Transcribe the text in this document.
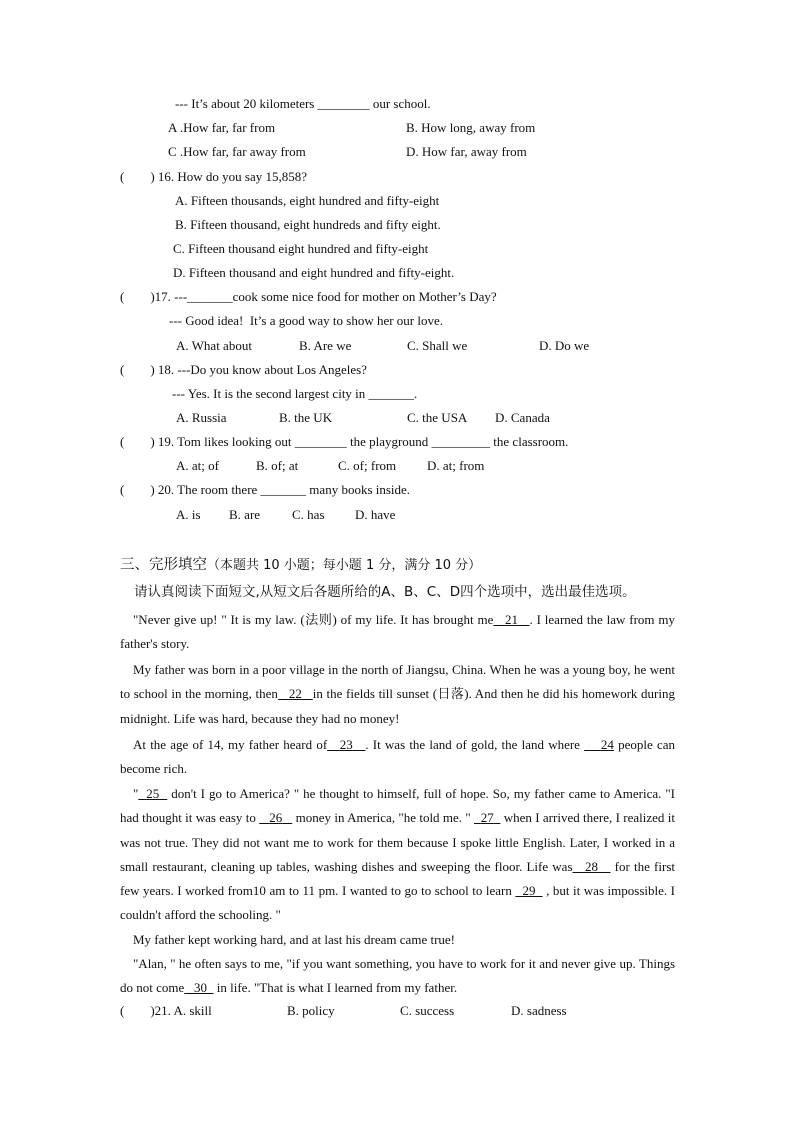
--- It’s about 20 kilometers ________ our school.
A .How far, far from	B. How long, away from
C .How far, far away from	D. How far, away from
(        ) 16. How do you say 15,858?
A. Fifteen thousands, eight hundred and fifty-eight
B. Fifteen thousand, eight hundreds and fifty eight.
C. Fifteen thousand eight hundred and fifty-eight
D. Fifteen thousand and eight hundred and fifty-eight.
(        )17. ---_______cook some nice food for mother on Mother’s Day?
--- Good idea!  It’s a good way to show her our love.
A. What about	B. Are we	C. Shall we	D. Do we
(        ) 18. ---Do you know about Los Angeles?
--- Yes. It is the second largest city in _______.
A. Russia	B. the UK	C. the USA D. Canada
(        ) 19. Tom likes looking out ________ the playground _________ the classroom.
A. at; of	B. of; at	C. of; from D. at; from
(        ) 20. The room there _______ many books inside.
A. is B. are C. has D. have
三、完形填空（本题共 10 小题；每小题 1 分，满分 10 分）
请认真阅读下面短文,从短文后各题所给的A、B、C、D四个选项中，选出最佳选项。
"Never give up! " It is my law. (法则) of my life. It has brought me 21 . I learned the law from my father's story.
My father was born in a poor village in the north of Jiangsu, China. When he was a young boy, he went to school in the morning, then 22 in the fields till sunset (日落). And then he did his homework during midnight. Life was hard, because they had no money!
At the age of 14, my father heard of 23 . It was the land of gold, the land where     24 people can become rich.
" 25   don't I go to America? " he thought to himself, full of hope. So, my father came to America. "I had thought it was easy to    26    money in America, "he told me. "   27   when I arrived there, I realized it was not true. They did not want me to work for them because I spoke little English. Later, I worked in a small restaurant, cleaning up tables, washing dishes and sweeping the floor. Life was 28    for the first few years. I worked from10 am to 11 pm. I wanted to go to school to learn   29   , but it was impossible. I couldn't afford the schooling. "
My father kept working hard, and at last his dream came true!
"Alan, " he often says to me, "if you want something, you have to work for it and never give up. Things do not come 30   in life. "That is what I learned from my father.
(        )21. A. skill	B. policy	C. success	D. sadness
